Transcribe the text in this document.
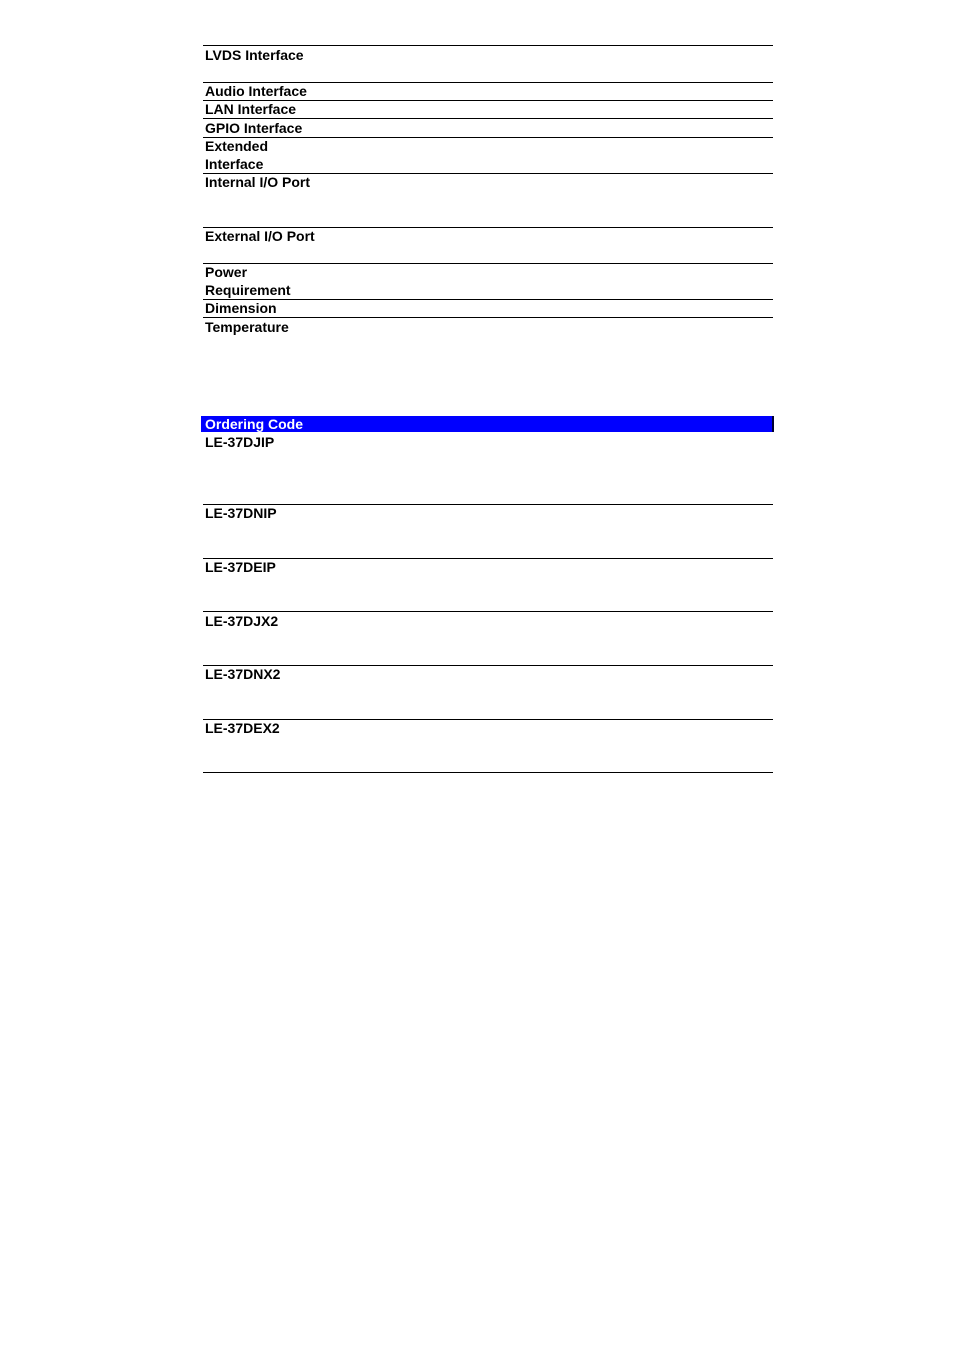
LVDS Interface
Audio Interface
LAN Interface
GPIO Interface
Extended
Interface
Internal I/O Port
External I/O Port
Power
Requirement
Dimension
Temperature
Ordering Code
LE-37DJIP
LE-37DNIP
LE-37DEIP
LE-37DJX2
LE-37DNX2
LE-37DEX2
